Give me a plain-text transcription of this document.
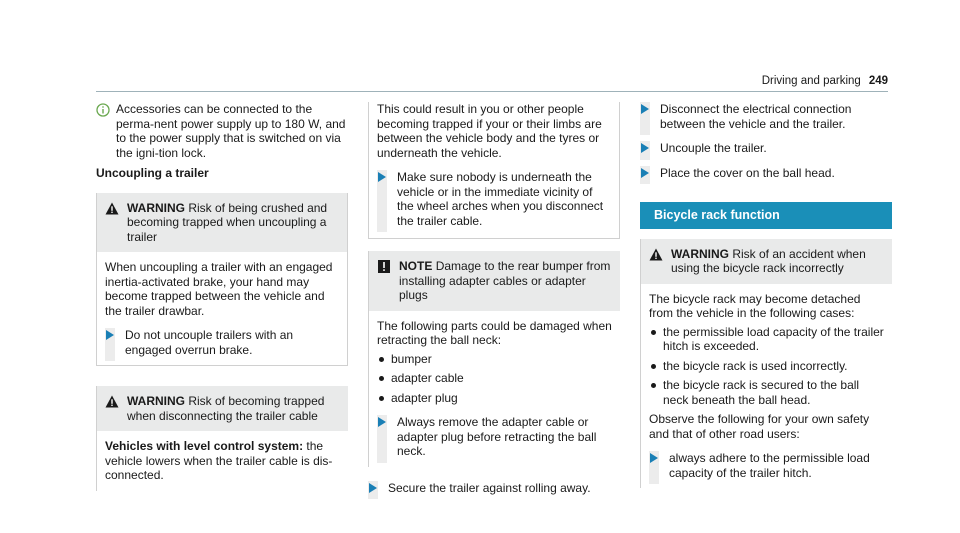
Driving and parking 249

Accessories can be connected to the perma-nent power supply up to 180 W, and to the power supply that is switched on via the igni-tion lock.

Uncoupling a trailer

WARNING Risk of being crushed and becoming trapped when uncoupling a trailer

When uncoupling a trailer with an engaged inertia-activated brake, your hand may become trapped between the vehicle and the trailer drawbar.

Do not uncouple trailers with an engaged overrun brake.

WARNING Risk of becoming trapped when disconnecting the trailer cable

Vehicles with level control system: the vehicle lowers when the trailer cable is dis-connected.

This could result in you or other people becoming trapped if your or their limbs are between the vehicle body and the tyres or underneath the vehicle.

Make sure nobody is underneath the vehicle or in the immediate vicinity of the wheel arches when you disconnect the trailer cable.

NOTE Damage to the rear bumper from installing adapter cables or adapter plugs

The following parts could be damaged when retracting the ball neck:

bumper
adapter cable
adapter plug

Always remove the adapter cable or adapter plug before retracting the ball neck.

Secure the trailer against rolling away.

Disconnect the electrical connection between the vehicle and the trailer.

Uncouple the trailer.

Place the cover on the ball head.

Bicycle rack function

WARNING Risk of an accident when using the bicycle rack incorrectly

The bicycle rack may become detached from the vehicle in the following cases:

the permissible load capacity of the trailer hitch is exceeded.
the bicycle rack is used incorrectly.
the bicycle rack is secured to the ball neck beneath the ball head.

Observe the following for your own safety and that of other road users:

always adhere to the permissible load capacity of the trailer hitch.
